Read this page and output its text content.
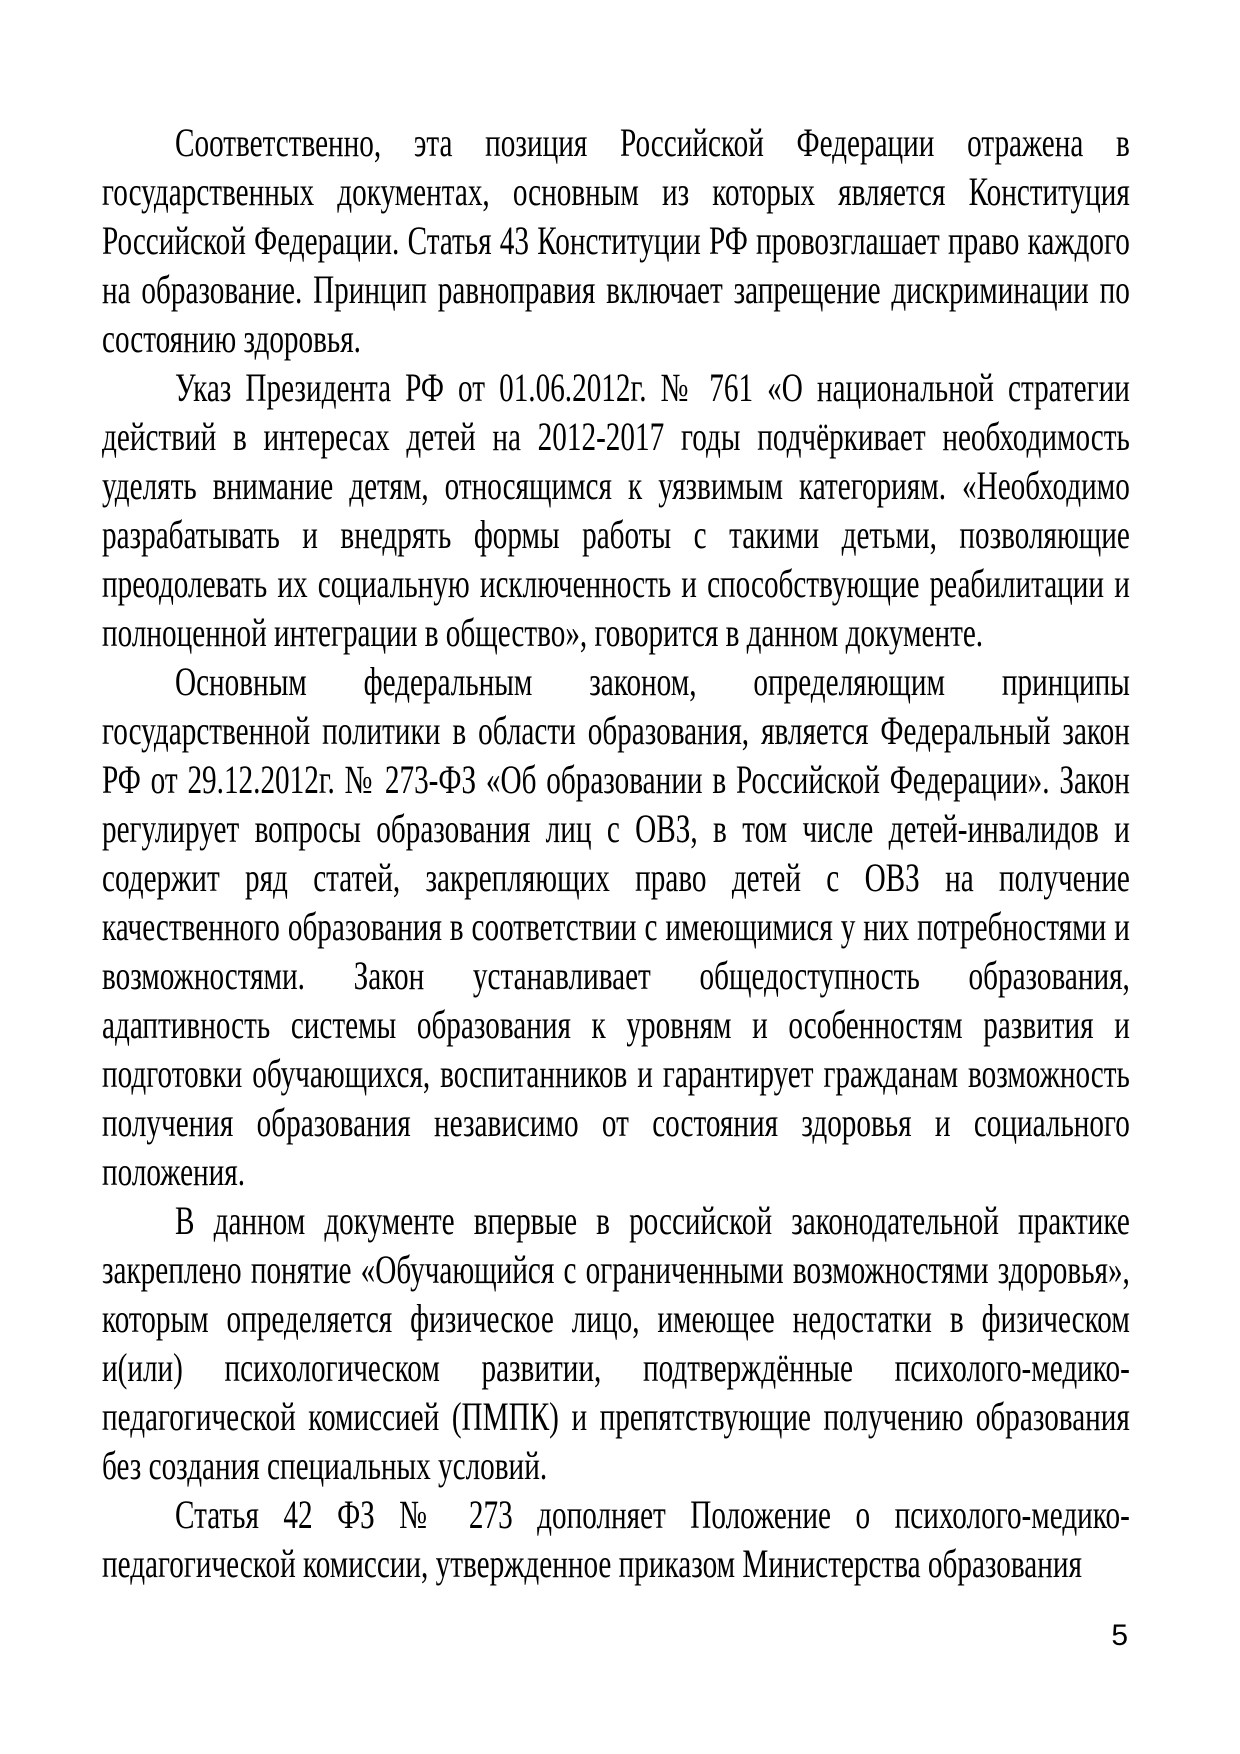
Соответственно, эта позиция Российской Федерации отражена в государственных документах, основным из которых является Конституция Российской Федерации. Статья 43 Конституции РФ провозглашает право каждого на образование. Принцип равноправия включает запрещение дискриминации по состоянию здоровья.

Указ Президента РФ от 01.06.2012г. № 761 «О национальной стратегии действий в интересах детей на 2012-2017 годы подчёркивает необходимость уделять внимание детям, относящимся к уязвимым категориям. «Необходимо разрабатывать и внедрять формы работы с такими детьми, позволяющие преодолевать их социальную исключенность и способствующие реабилитации и полноценной интеграции в общество», говорится в данном документе.

Основным федеральным законом, определяющим принципы государственной политики в области образования, является Федеральный закон РФ от 29.12.2012г. № 273-ФЗ «Об образовании в Российской Федерации». Закон регулирует вопросы образования лиц с ОВЗ, в том числе детей-инвалидов и содержит ряд статей, закрепляющих право детей с ОВЗ на получение качественного образования в соответствии с имеющимися у них потребностями и возможностями. Закон устанавливает общедоступность образования, адаптивность системы образования к уровням и особенностям развития и подготовки обучающихся, воспитанников и гарантирует гражданам возможность получения образования независимо от состояния здоровья и социального положения.

В данном документе впервые в российской законодательной практике закреплено понятие «Обучающийся с ограниченными возможностями здоровья», которым определяется физическое лицо, имеющее недостатки в физическом и(или) психологическом развитии, подтверждённые психолого-медико-педагогической комиссией (ПМПК) и препятствующие получению образования без создания специальных условий.

Статья 42 ФЗ № 273 дополняет Положение о психолого-медико-педагогической комиссии, утвержденное приказом Министерства образования

5
